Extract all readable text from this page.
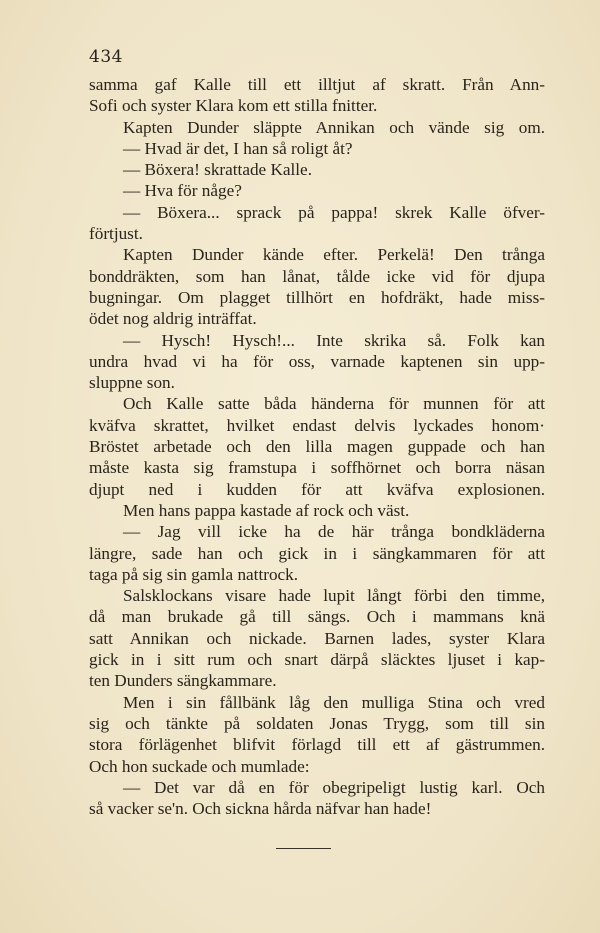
434
samma gaf Kalle till ett illtjut af skratt. Från Ann-
Sofi och syster Klara kom ett stilla fnitter.
Kapten Dunder släppte Annikan och vände sig om.
— Hvad är det, I han så roligt åt?
— Böxera! skrattade Kalle.
— Hva för någe?
— Böxera... sprack på pappa! skrek Kalle öfver-
förtjust.
Kapten Dunder kände efter. Perkelä! Den trånga
bonddräkten, som han lånat, tålde icke vid för djupa
bugningar. Om plagget tillhört en hofdräkt, hade miss-
ödet nog aldrig inträffat.
— Hysch! Hysch!... Inte skrika så. Folk kan
undra hvad vi ha för oss, varnade kaptenen sin upp-
sluppne son.
Och Kalle satte båda händerna för munnen för att
kväfva skrattet, hvilket endast delvis lyckades honom·
Bröstet arbetade och den lilla magen guppade och han
måste kasta sig framstupa i soffhörnet och borra näsan
djupt ned i kudden för att kväfva explosionen.
Men hans pappa kastade af rock och väst.
— Jag vill icke ha de här trånga bondkläderna
längre, sade han och gick in i sängkammaren för att
taga på sig sin gamla nattrock.
Salsklockans visare hade lupit långt förbi den timme,
då man brukade gå till sängs. Och i mammans knä
satt Annikan och nickade. Barnen lades, syster Klara
gick in i sitt rum och snart därpå släcktes ljuset i kap-
ten Dunders sängkammare.
Men i sin fållbänk låg den mulliga Stina och vred
sig och tänkte på soldaten Jonas Trygg, som till sin
stora förlägenhet blifvit förlagd till ett af gästrummen.
Och hon suckade och mumlade:
— Det var då en för obegripeligt lustig karl. Och
så vacker se'n. Och sickna hårda näfvar han hade!
